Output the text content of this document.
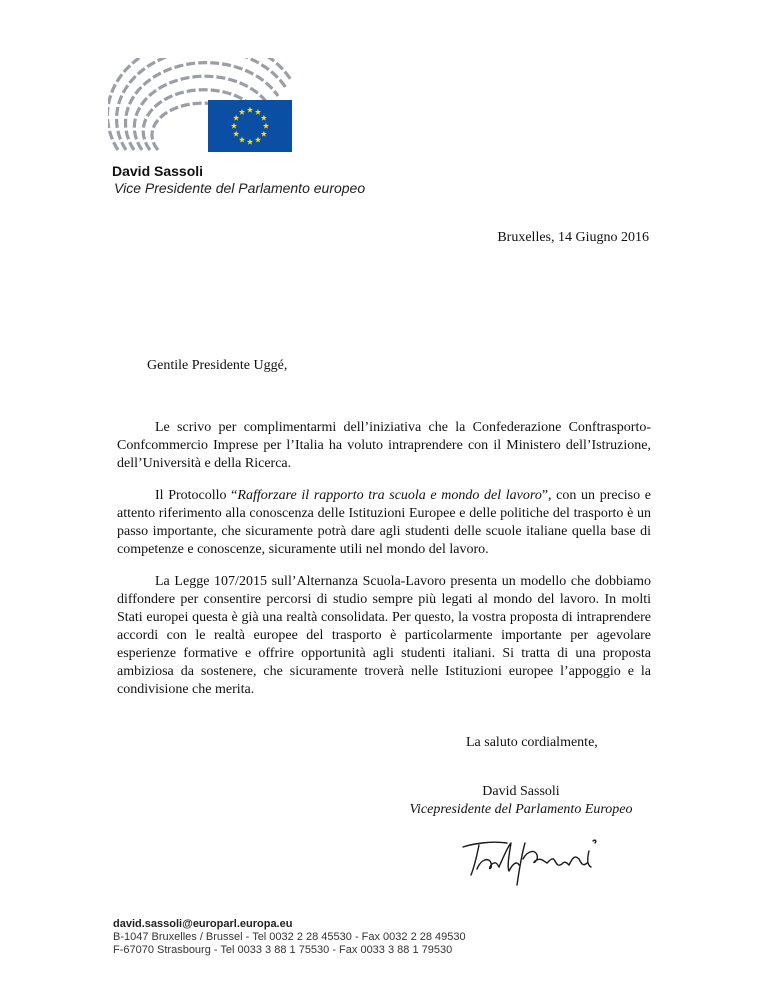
David Sassoli
Vice Presidente del Parlamento europeo
Bruxelles, 14 Giugno 2016
Gentile Presidente Uggé,

Le scrivo per complimentarmi dell’iniziativa che la Confederazione Conftrasporto-Confcommercio Imprese per l’Italia ha voluto intraprendere con il Ministero dell’Istruzione, dell’Università e della Ricerca.

Il Protocollo “Rafforzare il rapporto tra scuola e mondo del lavoro”, con un preciso e attento riferimento alla conoscenza delle Istituzioni Europee e delle politiche del trasporto è un passo importante, che sicuramente potrà dare agli studenti delle scuole italiane quella base di competenze e conoscenze, sicuramente utili nel mondo del lavoro.

La Legge 107/2015 sull’Alternanza Scuola-Lavoro presenta un modello che dobbiamo diffondere per consentire percorsi di studio sempre più legati al mondo del lavoro. In molti Stati europei questa è già una realtà consolidata. Per questo, la vostra proposta di intraprendere accordi con le realtà europee del trasporto è particolarmente importante per agevolare esperienze formative e offrire opportunità agli studenti italiani. Si tratta di una proposta ambiziosa da sostenere, che sicuramente troverà nelle Istituzioni europee l’appoggio e la condivisione che merita.

La saluto cordialmente,
David Sassoli
Vicepresidente del Parlamento Europeo
david.sassoli@europarl.europa.eu
B-1047 Bruxelles / Brussel - Tel 0032 2 28 45530 - Fax 0032 2 28 49530
F-67070 Strasbourg - Tel 0033 3 88 1 75530 - Fax 0033 3 88 1 79530
